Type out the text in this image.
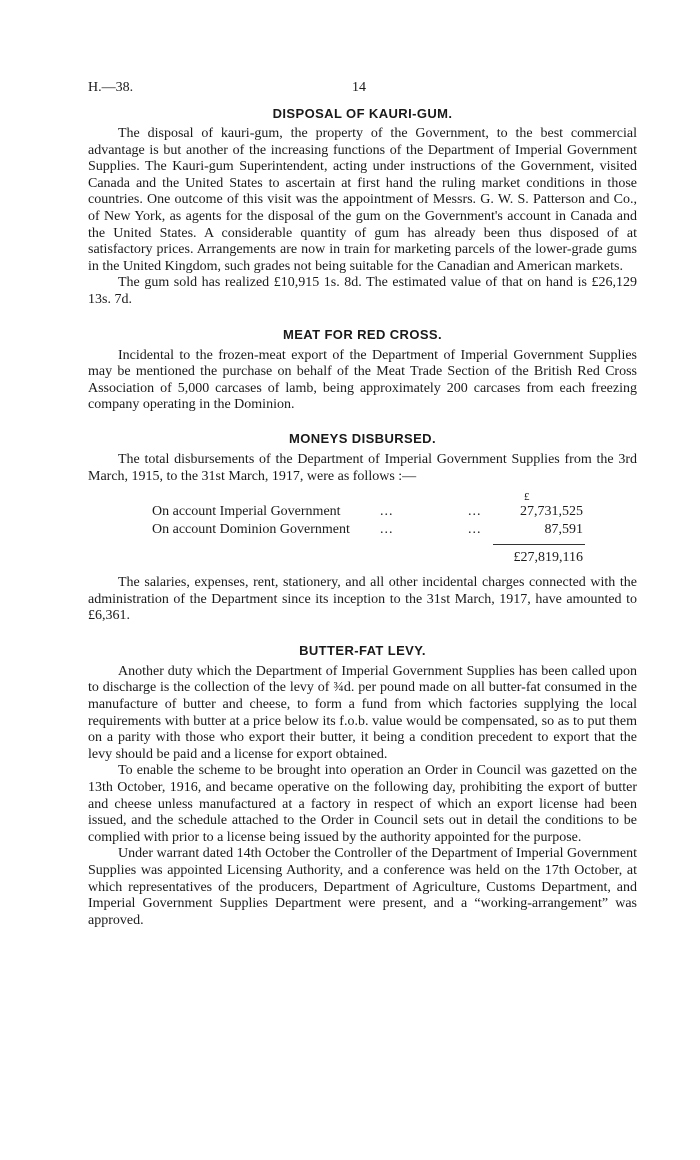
H.—38.	14
DISPOSAL OF KAURI-GUM.

The disposal of kauri-gum, the property of the Government, to the best commercial advantage is but another of the increasing functions of the Department of Imperial Government Supplies. The Kauri-gum Superintendent, acting under instructions of the Government, visited Canada and the United States to ascertain at first hand the ruling market conditions in those countries. One outcome of this visit was the appointment of Messrs. G. W. S. Patterson and Co., of New York, as agents for the disposal of the gum on the Government's account in Canada and the United States. A considerable quantity of gum has already been thus disposed of at satisfactory prices. Arrangements are now in train for marketing parcels of the lower-grade gums in the United Kingdom, such grades not being suitable for the Canadian and American markets.

The gum sold has realized £10,915 1s. 8d. The estimated value of that on hand is £26,129 13s. 7d.

MEAT FOR RED CROSS.

Incidental to the frozen-meat export of the Department of Imperial Government Supplies may be mentioned the purchase on behalf of the Meat Trade Section of the British Red Cross Association of 5,000 carcases of lamb, being approximately 200 carcases from each freezing company operating in the Dominion.

MONEYS DISBURSED.

The total disbursements of the Department of Imperial Government Supplies from the 3rd March, 1915, to the 31st March, 1917, were as follows :—

£
On account Imperial Government	...	...	27,731,525
On account Dominion Government ...	...	87,591
£27,819,116

The salaries, expenses, rent, stationery, and all other incidental charges connected with the administration of the Department since its inception to the 31st March, 1917, have amounted to £6,361.

BUTTER-FAT LEVY.

Another duty which the Department of Imperial Government Supplies has been called upon to discharge is the collection of the levy of ¾d. per pound made on all butter-fat consumed in the manufacture of butter and cheese, to form a fund from which factories supplying the local requirements with butter at a price below its f.o.b. value would be compensated, so as to put them on a parity with those who export their butter, it being a condition precedent to export that the levy should be paid and a license for export obtained.

To enable the scheme to be brought into operation an Order in Council was gazetted on the 13th October, 1916, and became operative on the following day, prohibiting the export of butter and cheese unless manufactured at a factory in respect of which an export license had been issued, and the schedule attached to the Order in Council sets out in detail the conditions to be complied with prior to a license being issued by the authority appointed for the purpose.

Under warrant dated 14th October the Controller of the Department of Imperial Government Supplies was appointed Licensing Authority, and a conference was held on the 17th October, at which representatives of the producers, Department of Agriculture, Customs Department, and Imperial Government Supplies Department were present, and a “working-arrangement” was approved.
